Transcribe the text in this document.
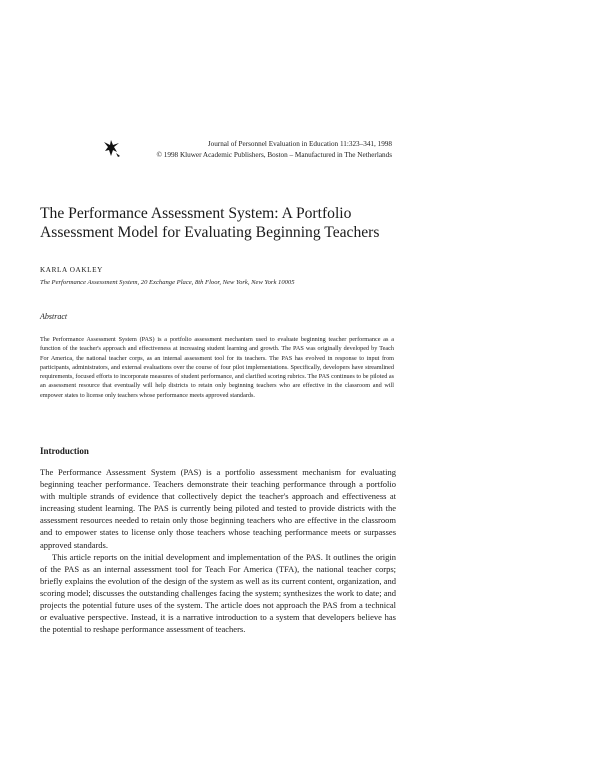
Journal of Personnel Evaluation in Education 11:323–341, 1998
© 1998 Kluwer Academic Publishers, Boston – Manufactured in The Netherlands
The Performance Assessment System: A Portfolio Assessment Model for Evaluating Beginning Teachers
KARLA OAKLEY
The Performance Assessment System, 20 Exchange Place, 8th Floor, New York, New York 10005
Abstract

The Performance Assessment System (PAS) is a portfolio assessment mechanism used to evaluate beginning teacher performance as a function of the teacher's approach and effectiveness at increasing student learning and growth. The PAS was originally developed by Teach For America, the national teacher corps, as an internal assessment tool for its teachers. The PAS has evolved in response to input from participants, administrators, and external evaluations over the course of four pilot implementations. Specifically, developers have streamlined requirements, focused efforts to incorporate measures of student performance, and clarified scoring rubrics. The PAS continues to be piloted as an assessment resource that eventually will help districts to retain only beginning teachers who are effective in the classroom and will empower states to license only teachers whose performance meets approved standards.

Introduction

The Performance Assessment System (PAS) is a portfolio assessment mechanism for evaluating beginning teacher performance. Teachers demonstrate their teaching performance through a portfolio with multiple strands of evidence that collectively depict the teacher's approach and effectiveness at increasing student learning. The PAS is currently being piloted and tested to provide districts with the assessment resources needed to retain only those beginning teachers who are effective in the classroom and to empower states to license only those teachers whose teaching performance meets or surpasses approved standards.

This article reports on the initial development and implementation of the PAS. It outlines the origin of the PAS as an internal assessment tool for Teach For America (TFA), the national teacher corps; briefly explains the evolution of the design of the system as well as its current content, organization, and scoring model; discusses the outstanding challenges facing the system; synthesizes the work to date; and projects the potential future uses of the system. The article does not approach the PAS from a technical or evaluative perspective. Instead, it is a narrative introduction to a system that developers believe has the potential to reshape performance assessment of teachers.
